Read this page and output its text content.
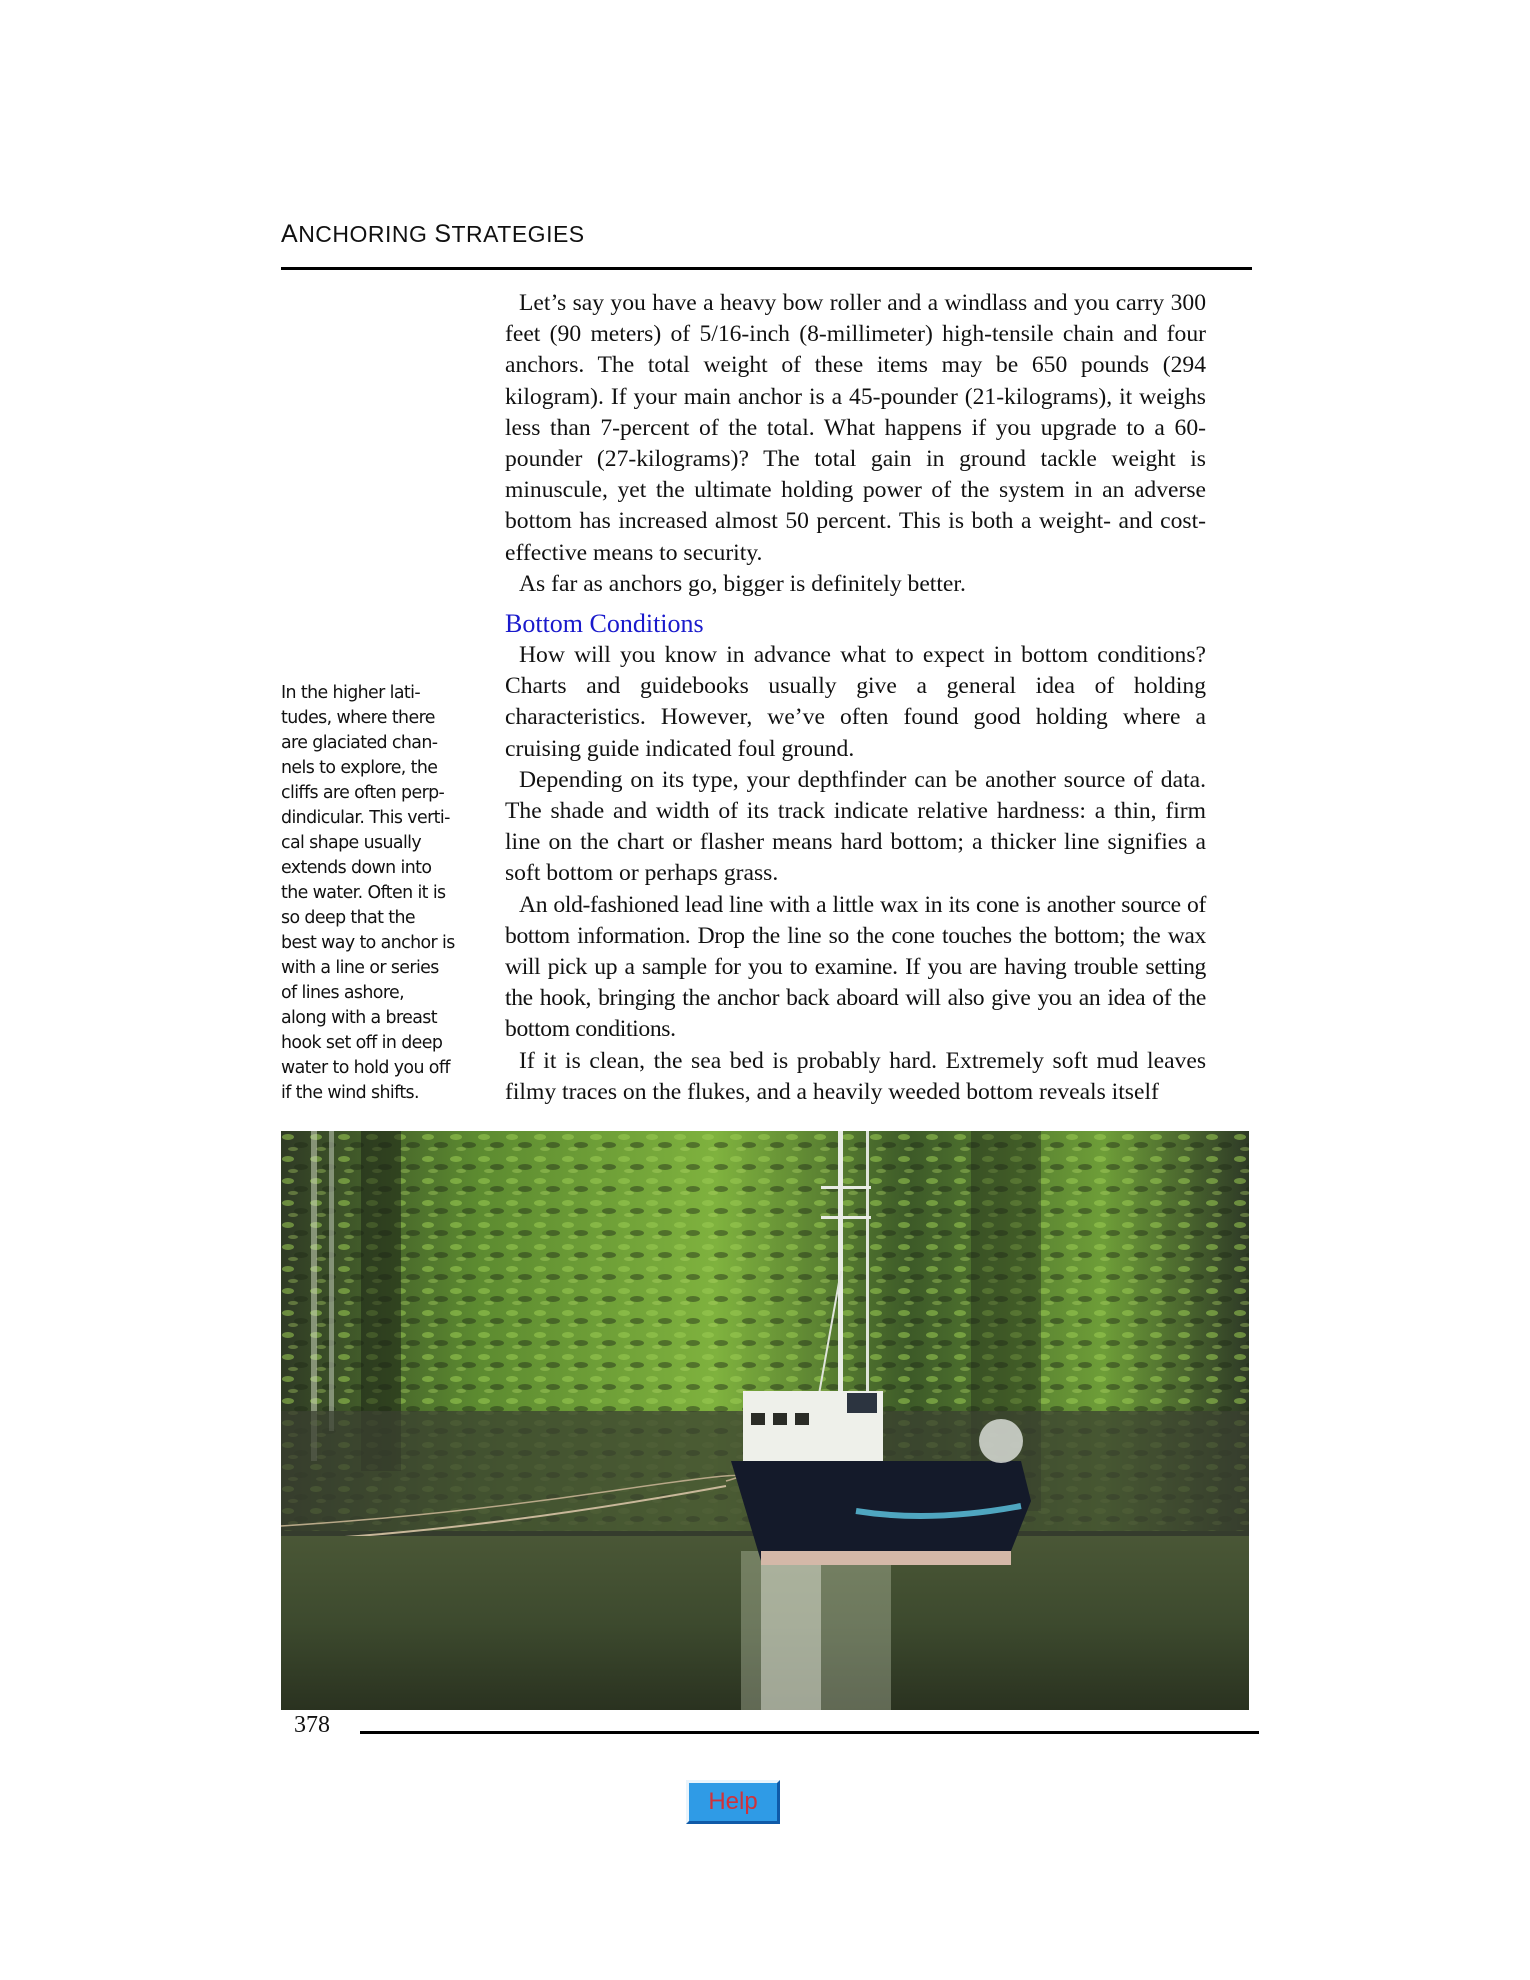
ANCHORING STRATEGIES
In the higher lati-
tudes, where there
are glaciated chan-
nels to explore, the
cliffs are often perp-
dindicular. This verti-
cal shape usually
extends down into
the water. Often it is
so deep that the
best way to anchor is
with a line or series
of lines ashore,
along with a breast
hook set off in deep
water to hold you off
if the wind shifts.

Let’s say you have a heavy bow roller and a windlass and you carry 300 feet (90 meters) of 5/16-inch (8-millimeter) high-tensile chain and four anchors. The total weight of these items may be 650 pounds (294 kilogram). If your main anchor is a 45-pounder (21-kilograms), it weighs less than 7-percent of the total. What happens if you upgrade to a 60-pounder (27-kilograms)? The total gain in ground tackle weight is minuscule, yet the ultimate holding power of the system in an adverse bottom has increased almost 50 percent. This is both a weight- and cost-effective means to security.

As far as anchors go, bigger is definitely better.

Bottom Conditions

How will you know in advance what to expect in bottom conditions? Charts and guidebooks usually give a general idea of holding characteristics. However, we’ve often found good holding where a cruising guide indicated foul ground.

Depending on its type, your depthfinder can be another source of data. The shade and width of its track indicate relative hardness: a thin, firm line on the chart or flasher means hard bottom; a thicker line signifies a soft bottom or perhaps grass.

An old-fashioned lead line with a little wax in its cone is another source of bottom information. Drop the line so the cone touches the bottom; the wax will pick up a sample for you to examine. If you are having trouble setting the hook, bringing the anchor back aboard will also give you an idea of the bottom conditions.

If it is clean, the sea bed is probably hard. Extremely soft mud leaves filmy traces on the flukes, and a heavily weeded bottom reveals itself

378
Help
